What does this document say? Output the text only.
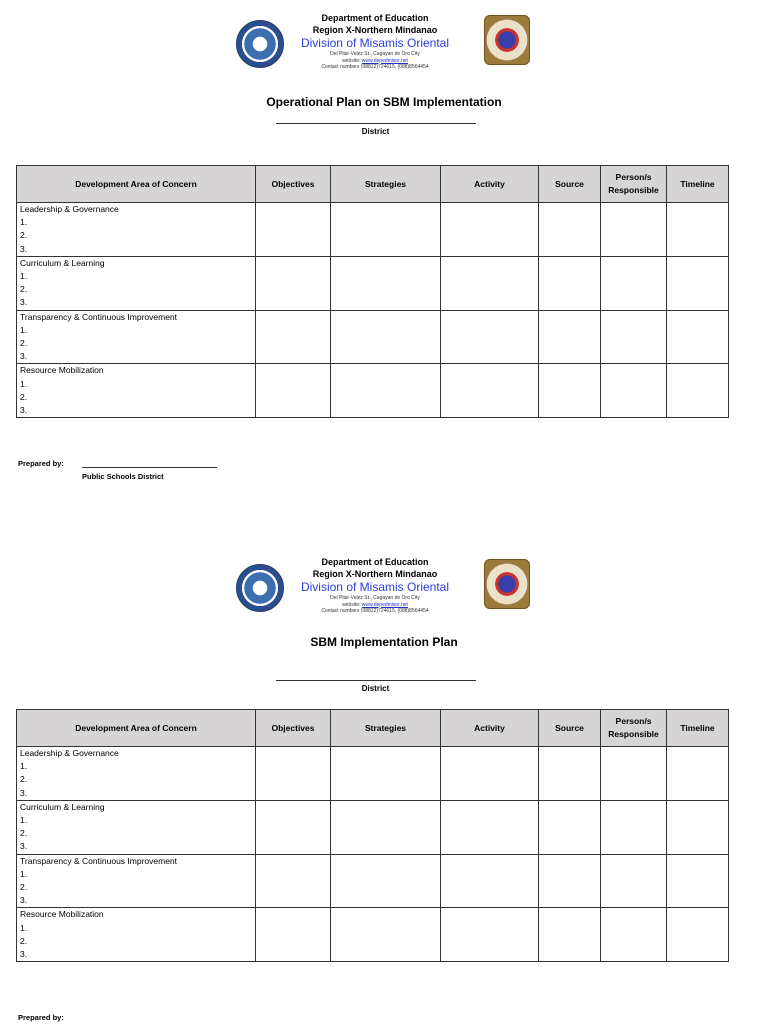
Department of Education
Region X-Northern Mindanao
Division of Misamis Oriental
Del Pilar-Velez St., Cagayan de Oro City
website: www.depedmisor.net
Contact numbers (08822)724615, (088)8564454
Operational Plan on SBM Implementation
District
Development Area of Concern	Objectives	Strategies	Activity	Source	Person/s Responsible	Timeline

Leadership & Governance
1.
2.
3.						

Curriculum & Learning
1.
2.
3.						

Transparency & Continuous Improvement
1.
2.
3.						

Resource Mobilization
1.
2.
3.						

Prepared by:
Public Schools District
Department of Education
Region X-Northern Mindanao
Division of Misamis Oriental
Del Pilar-Velez St., Cagayan de Oro City
website: www.depedmisor.net
Contact numbers (08822)724615, (088)8564454
SBM Implementation Plan
District
Development Area of Concern	Objectives	Strategies	Activity	Source	Person/s Responsible	Timeline

Leadership & Governance
1.
2.
3.						

Curriculum & Learning
1.
2.
3.						

Transparency & Continuous Improvement
1.
2.
3.						

Resource Mobilization
1.
2.
3.						

Prepared by:
